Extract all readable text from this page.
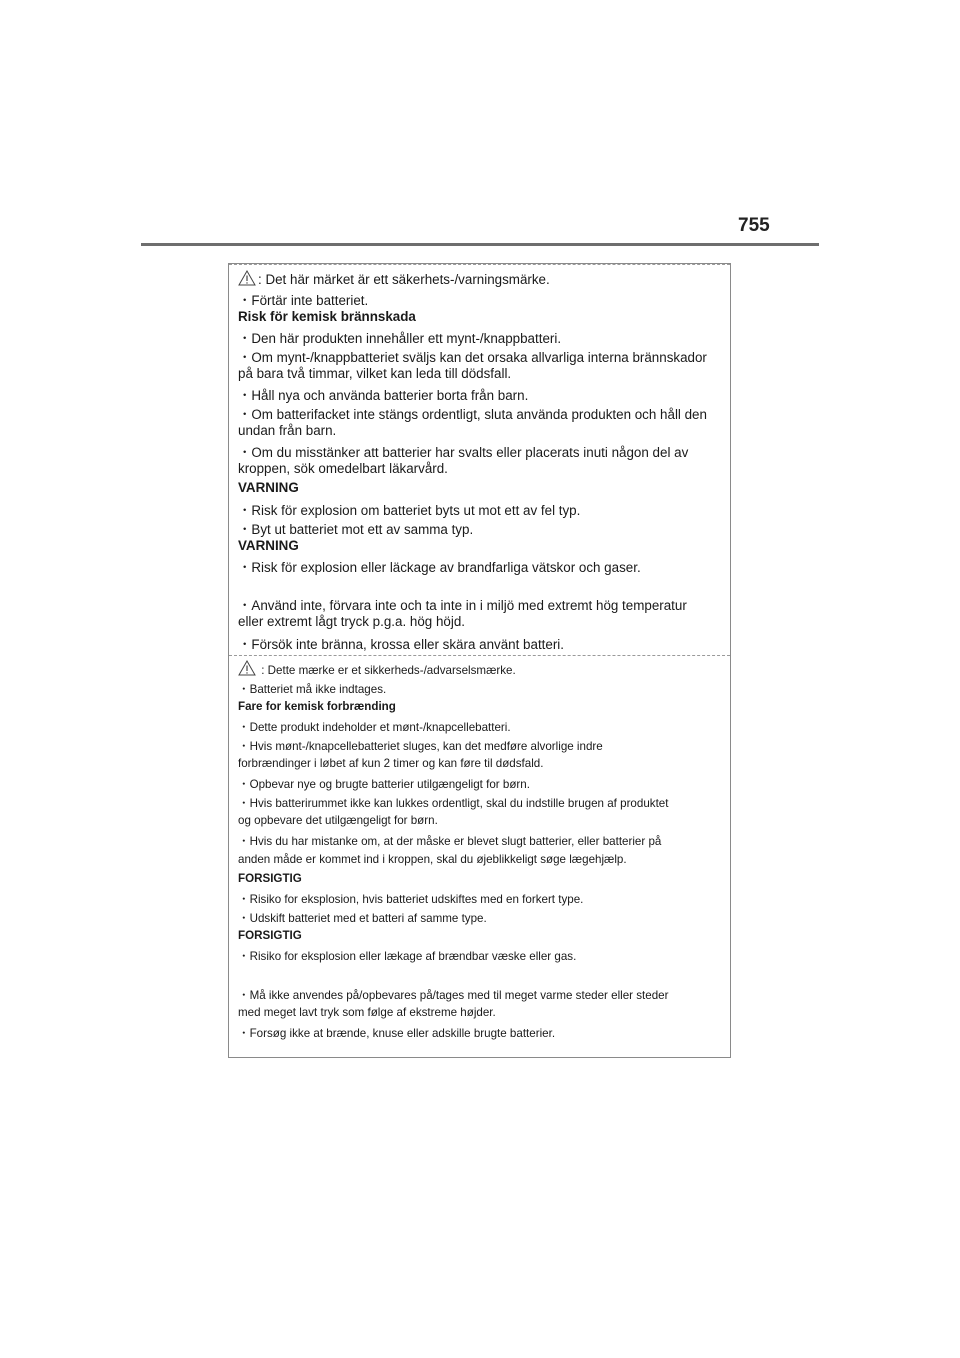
755
: Det här märket är ett säkerhets-/varningsmärke.
・Förtär inte batteriet.
Risk för kemisk brännskada
・Den här produkten innehåller ett mynt-/knappbatteri.
・Om mynt-/knappbatteriet sväljs kan det orsaka allvarliga interna brännskador
på bara två timmar, vilket kan leda till dödsfall.
・Håll nya och använda batterier borta från barn.
・Om batterifacket inte stängs ordentligt, sluta använda produkten och håll den
undan från barn.
・Om du misstänker att batterier har svalts eller placerats inuti någon del av
kroppen, sök omedelbart läkarvård.
VARNING
・Risk för explosion om batteriet byts ut mot ett av fel typ.
・Byt ut batteriet mot ett av samma typ.
VARNING
・Risk för explosion eller läckage av brandfarliga vätskor och gaser.
・Använd inte, förvara inte och ta inte in i miljö med extremt hög temperatur
eller extremt lågt tryck p.g.a. hög höjd.
・Försök inte bränna, krossa eller skära använt batteri.
: Dette mærke er et sikkerheds-/advarselsmærke.
・Batteriet må ikke indtages.
Fare for kemisk forbrænding
・Dette produkt indeholder et mønt-/knapcellebatteri.
・Hvis mønt-/knapcellebatteriet sluges, kan det medføre alvorlige indre
forbrændinger i løbet af kun 2 timer og kan føre til dødsfald.
・Opbevar nye og brugte batterier utilgængeligt for børn.
・Hvis batterirummet ikke kan lukkes ordentligt, skal du indstille brugen af produktet
og opbevare det utilgængeligt for børn.
・Hvis du har mistanke om, at der måske er blevet slugt batterier, eller batterier på
anden måde er kommet ind i kroppen, skal du øjeblikkeligt søge lægehjælp.
FORSIGTIG
・Risiko for eksplosion, hvis batteriet udskiftes med en forkert type.
・Udskift batteriet med et batteri af samme type.
FORSIGTIG
・Risiko for eksplosion eller lækage af brændbar væske eller gas.
・Må ikke anvendes på/opbevares på/tages med til meget varme steder eller steder
med meget lavt tryk som følge af ekstreme højder.
・Forsøg ikke at brænde, knuse eller adskille brugte batterier.
